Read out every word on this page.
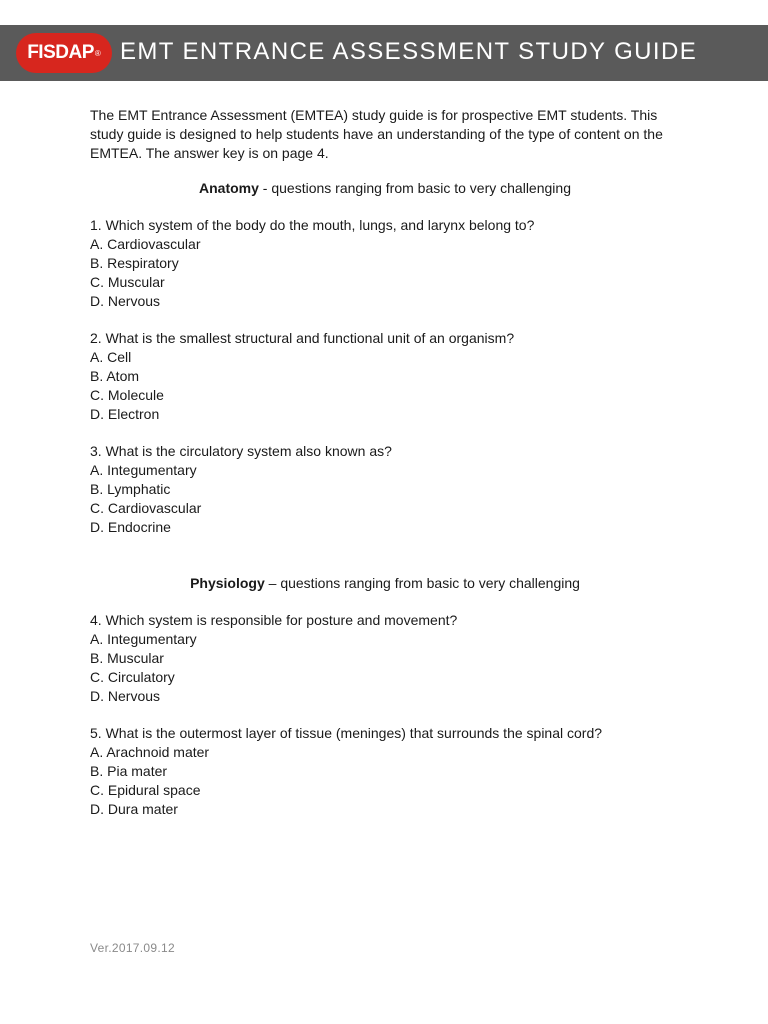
FISDAP ® EMT ENTRANCE ASSESSMENT STUDY GUIDE

The EMT Entrance Assessment (EMTEA) study guide is for prospective EMT students. This study guide is designed to help students have an understanding of the type of content on the EMTEA. The answer key is on page 4.

Anatomy - questions ranging from basic to very challenging

1. Which system of the body do the mouth, lungs, and larynx belong to?

A. Cardiovascular

B. Respiratory

C. Muscular

D. Nervous

2. What is the smallest structural and functional unit of an organism?

A. Cell

B. Atom

C. Molecule

D. Electron

3. What is the circulatory system also known as?

A. Integumentary

B. Lymphatic

C. Cardiovascular

D. Endocrine

Physiology – questions ranging from basic to very challenging

4. Which system is responsible for posture and movement?

A. Integumentary

B. Muscular

C. Circulatory

D. Nervous

5. What is the outermost layer of tissue (meninges) that surrounds the spinal cord?

A. Arachnoid mater

B. Pia mater

C. Epidural space

D. Dura mater

Ver.2017.09.12
